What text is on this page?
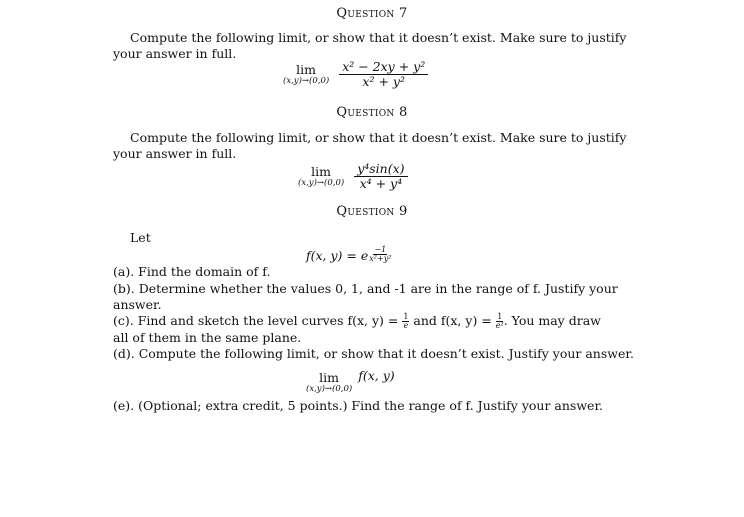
Question 7
Compute the following limit, or show that it doesn’t exist. Make sure to justify
your answer in full.
lim
(x,y)→(0,0)
$\frac{\text{x² − 2xy + y²}}{\text{x² + y²}}$
Question 8
Compute the following limit, or show that it doesn’t exist. Make sure to justify
your answer in full.
lim
(x,y)→(0,0)
$\frac{\text{y⁴sin(x)}}{\text{x⁴ + y⁴}}$
Question 9
Let
f(x, y) = e $\frac{-1}{\text{x²+y²}}$
(a). Find the domain of f.
(b). Determine whether the values 0, 1, and -1 are in the range of f. Justify your
answer.
(c). Find and sketch the level curves f(x, $y) = \frac{1}{e}$ and f(x, $y) = \frac{1}{\text{e²}}$ . You may draw
all of them in the same plane.
(d). Compute the following limit, or show that it doesn’t exist. Justify your answer.
lim
(x,y)→(0,0)
f(x, y)
(e). (Optional; extra credit, 5 points.) Find the range of f. Justify your answer.
